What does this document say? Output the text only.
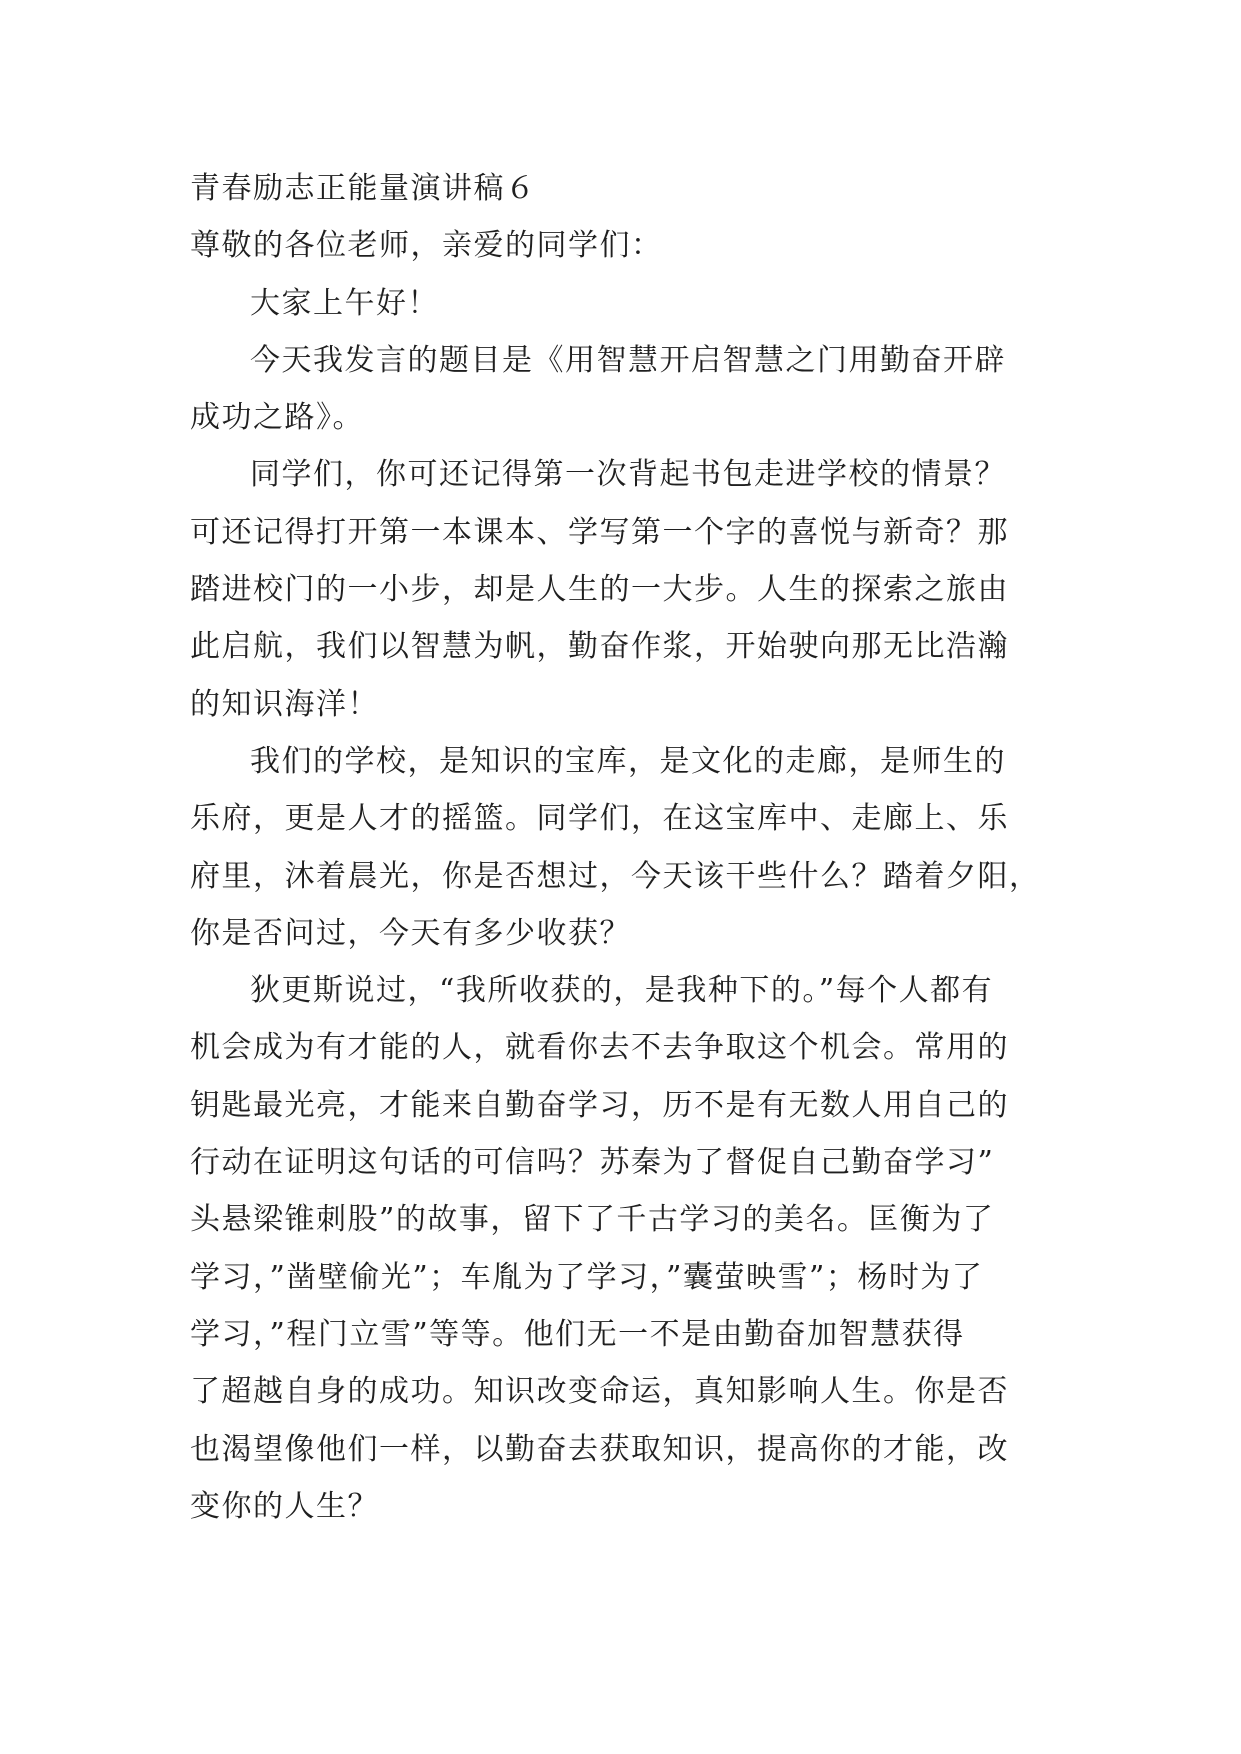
青春励志正能量演讲稿６
尊敬的各位老师，亲爱的同学们：
大家上午好！
今天我发言的题目是《用智慧开启智慧之门用勤奋开辟
成功之路》。
同学们，你可还记得第一次背起书包走进学校的情景？
可还记得打开第一本课本、学写第一个字的喜悦与新奇？那
踏进校门的一小步，却是人生的一大步。人生的探索之旅由
此启航，我们以智慧为帆，勤奋作浆，开始驶向那无比浩瀚
的知识海洋！
我们的学校，是知识的宝库，是文化的走廊，是师生的
乐府，更是人才的摇篮。同学们，在这宝库中、走廊上、乐
府里，沐着晨光，你是否想过，今天该干些什么？踏着夕阳，
你是否问过，今天有多少收获？
狄更斯说过，“我所收获的，是我种下的。”每个人都有
机会成为有才能的人，就看你去不去争取这个机会。常用的
钥匙最光亮，才能来自勤奋学习，历不是有无数人用自己的
行动在证明这句话的可信吗？苏秦为了督促自己勤奋学习”
头悬梁锥刺股”的故事，留下了千古学习的美名。匡衡为了
学习，”凿壁偷光”；车胤为了学习，”囊萤映雪”；杨时为了
学习，”程门立雪”等等。他们无一不是由勤奋加智慧获得
了超越自身的成功。知识改变命运，真知影响人生。你是否
也渴望像他们一样，以勤奋去获取知识，提高你的才能，改
变你的人生？
